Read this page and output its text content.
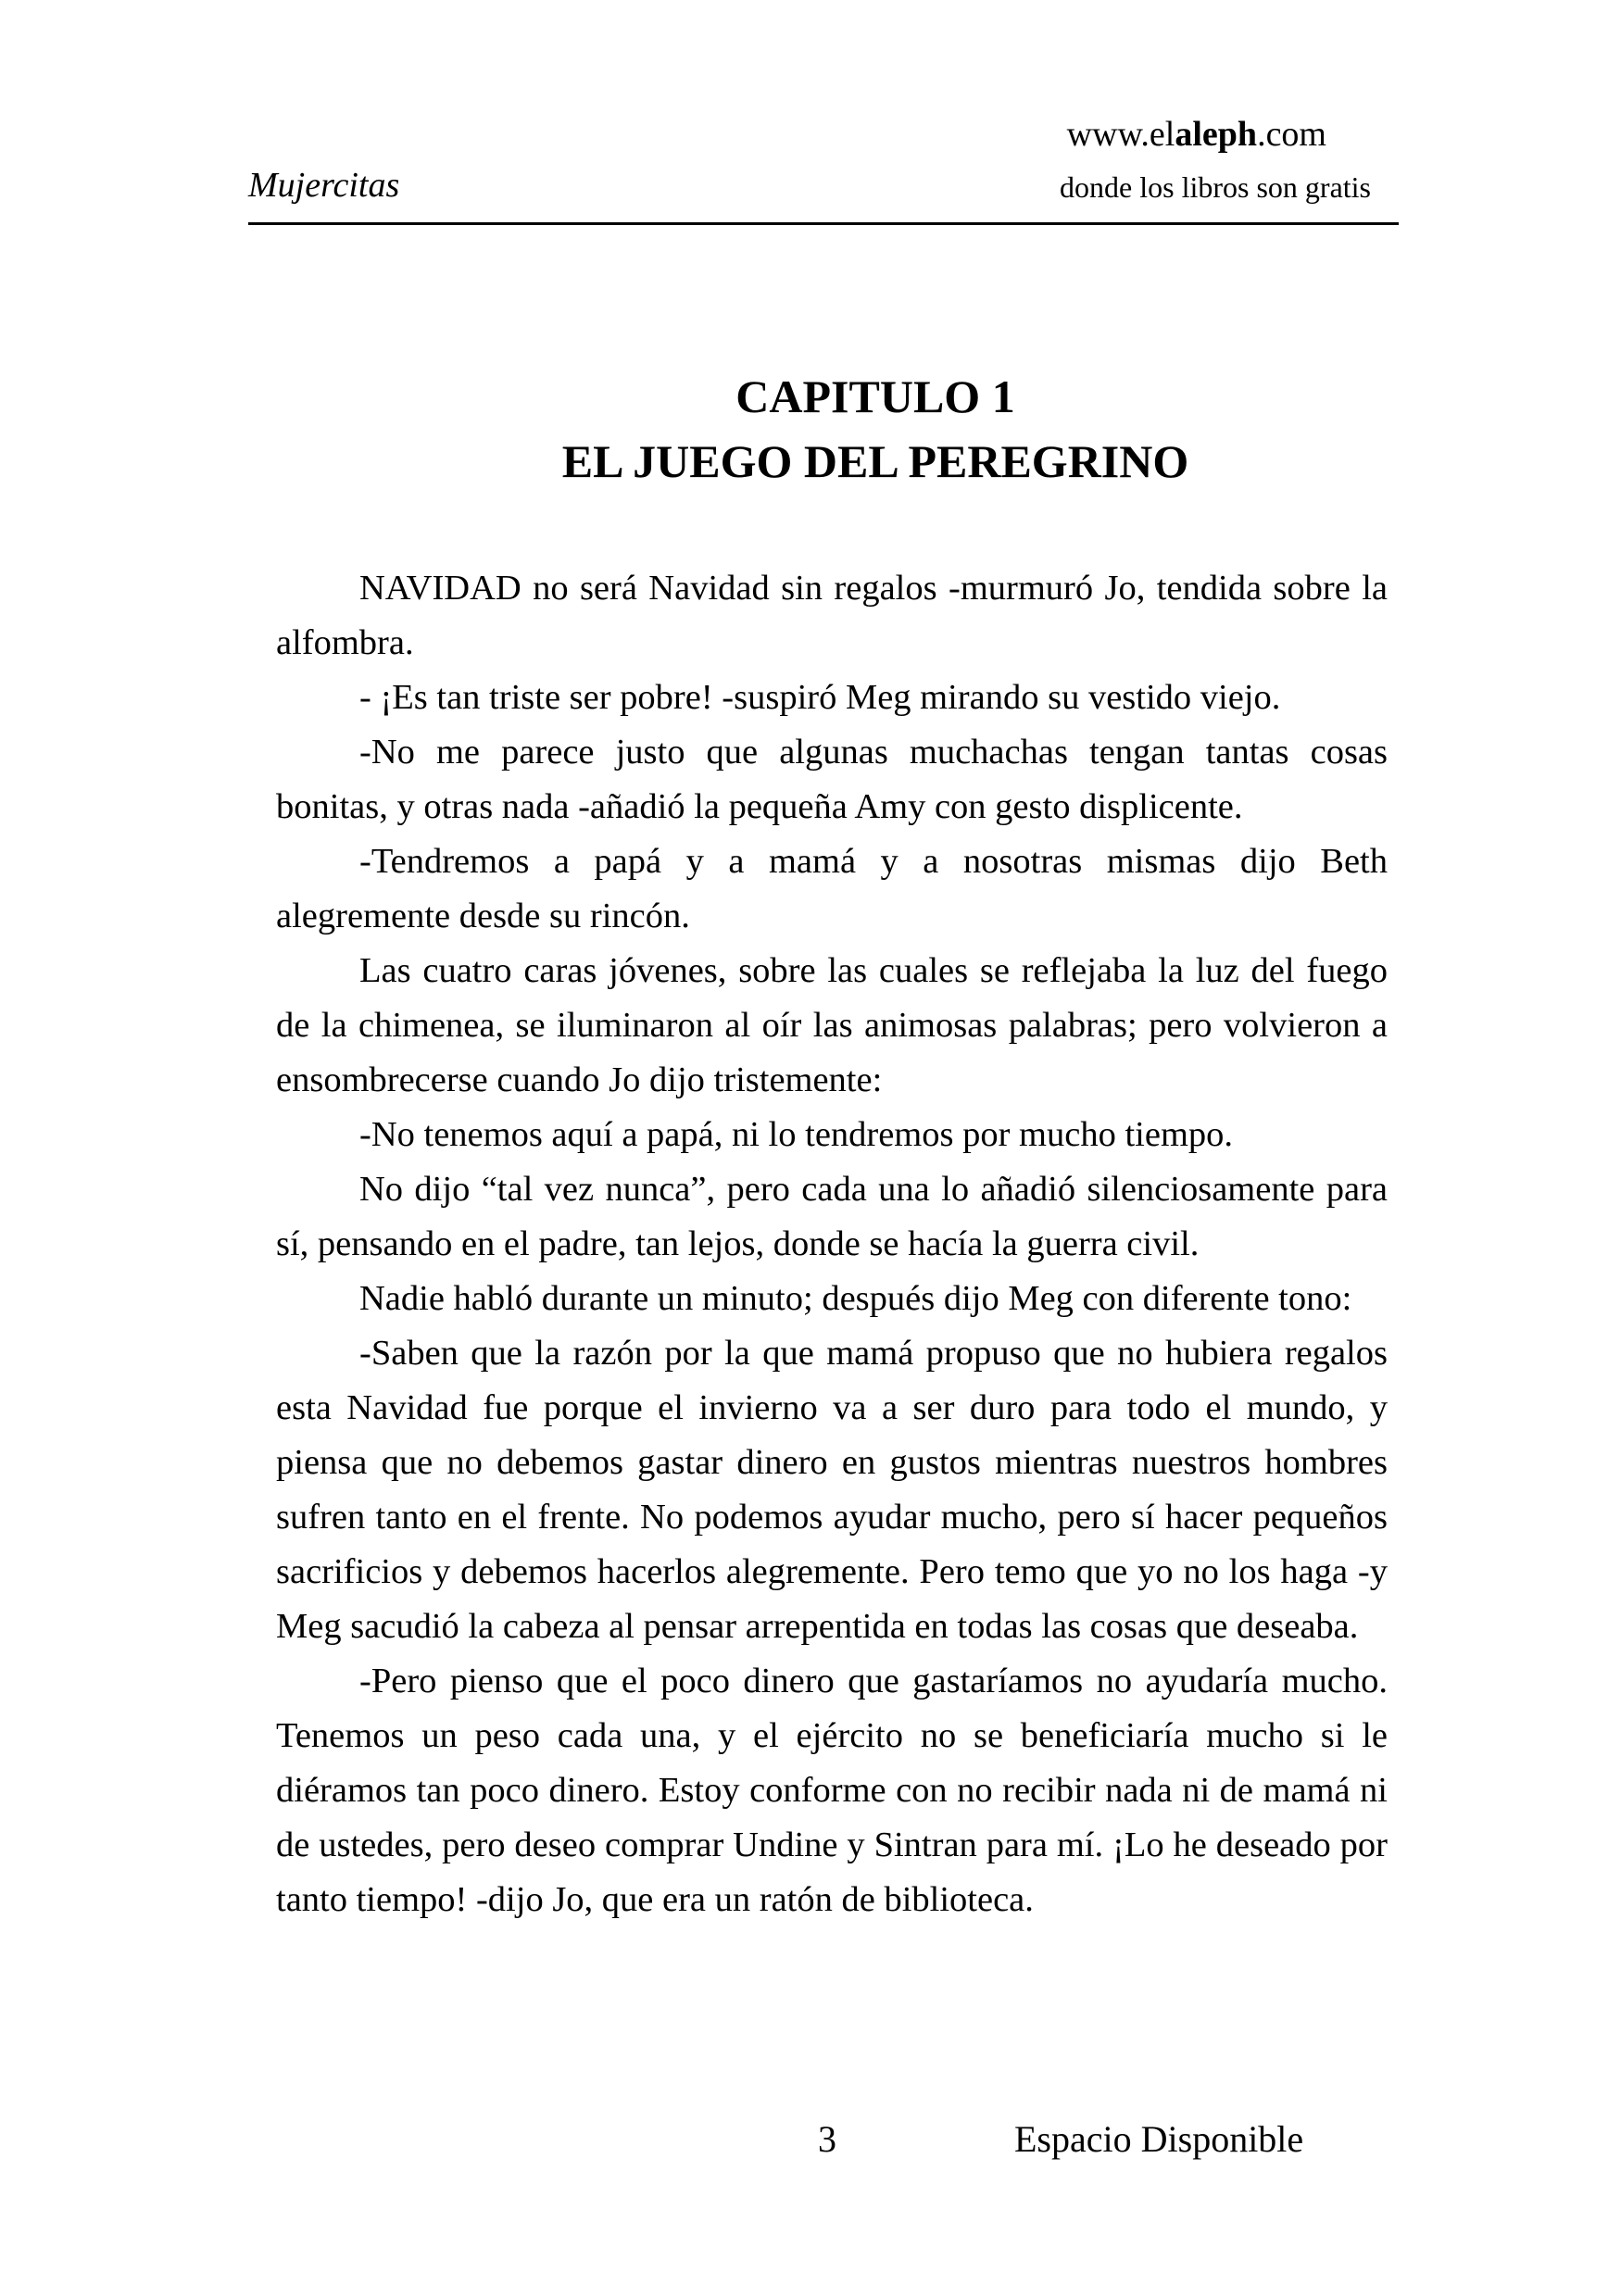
www.elaleph.com
Mujercitas	donde los libros son gratis
CAPITULO 1
EL JUEGO DEL PEREGRINO

NAVIDAD no será Navidad sin regalos -murmuró Jo, tendida sobre la alfombra.

- ¡Es tan triste ser pobre! -suspiró Meg mirando su vestido viejo.

-No me parece justo que algunas muchachas tengan tantas cosas bonitas, y otras nada -añadió la pequeña Amy con gesto displicente.

-Tendremos a papá y a mamá y a nosotras mismas dijo Beth alegremente desde su rincón.

Las cuatro caras jóvenes, sobre las cuales se reflejaba la luz del fuego de la chimenea, se iluminaron al oír las animosas palabras; pero volvieron a ensombrecerse cuando Jo dijo tristemente:

-No tenemos aquí a papá, ni lo tendremos por mucho tiempo.

No dijo “tal vez nunca”, pero cada una lo añadió silenciosamente para sí, pensando en el padre, tan lejos, donde se hacía la guerra civil.

Nadie habló durante un minuto; después dijo Meg con diferente tono:

-Saben que la razón por la que mamá propuso que no hubiera regalos esta Navidad fue porque el invierno va a ser duro para todo el mundo, y piensa que no debemos gastar dinero en gustos mientras nuestros hombres sufren tanto en el frente. No podemos ayudar mucho, pero sí hacer pequeños sacrificios y debemos hacerlos alegremente. Pero temo que yo no los haga -y Meg sacudió la cabeza al pensar arrepentida en todas las cosas que deseaba.

-Pero pienso que el poco dinero que gastaríamos no ayudaría mucho. Tenemos un peso cada una, y el ejército no se beneficiaría mucho si le diéramos tan poco dinero. Estoy conforme con no recibir nada ni de mamá ni de ustedes, pero deseo comprar Undine y Sintran para mí. ¡Lo he deseado por tanto tiempo! -dijo Jo, que era un ratón de biblioteca.

3	Espacio Disponible
